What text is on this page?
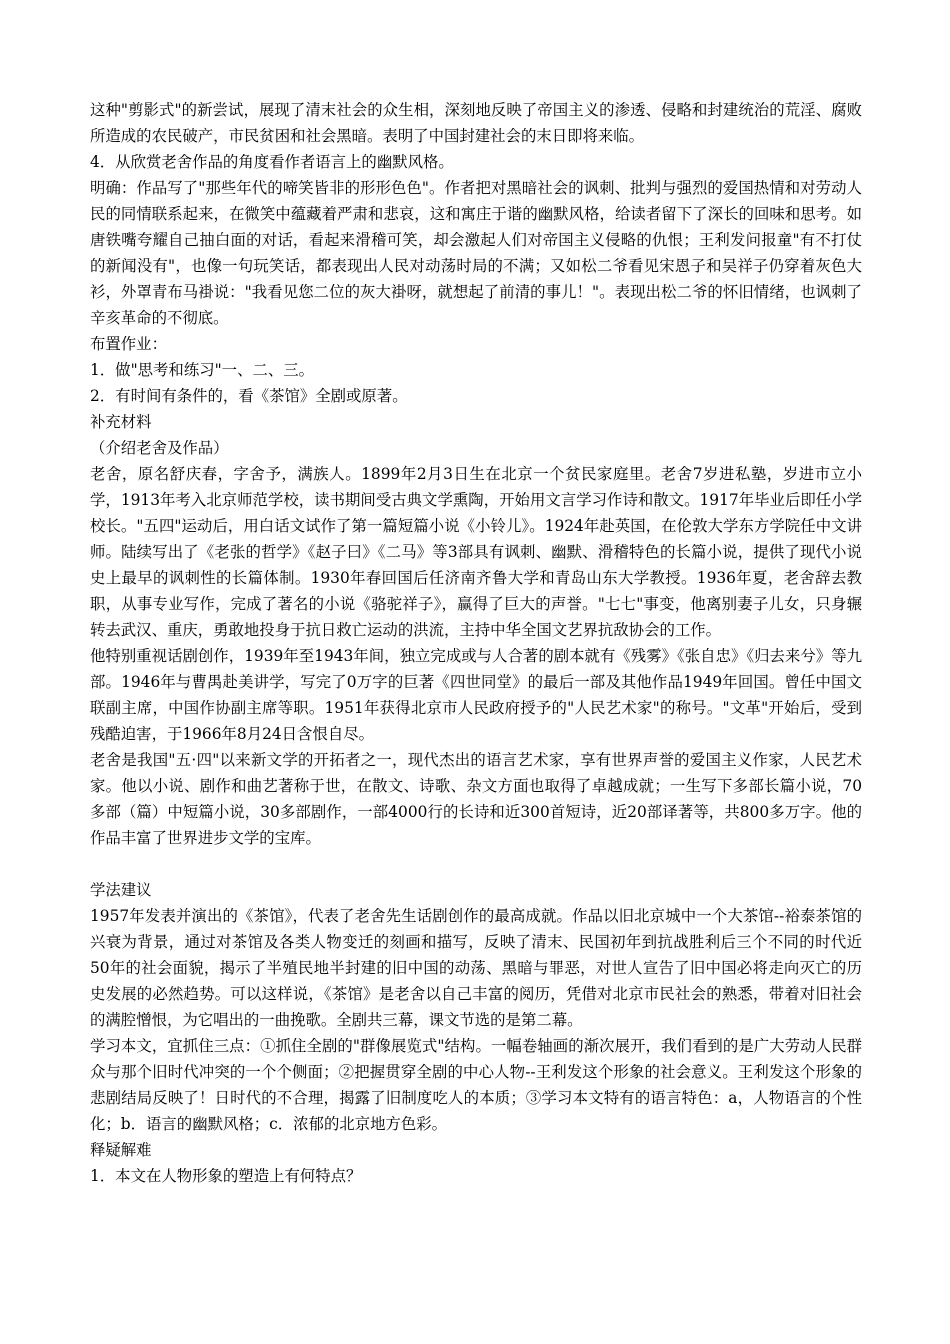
这种"剪影式"的新尝试，展现了清末社会的众生相，深刻地反映了帝国主义的渗透、侵略和封建统治的荒淫、腐败所造成的农民破产，市民贫困和社会黑暗。表明了中国封建社会的末日即将来临。

4．从欣赏老舍作品的角度看作者语言上的幽默风格。

明确：作品写了"那些年代的啼笑皆非的形形色色"。作者把对黑暗社会的讽刺、批判与强烈的爱国热情和对劳动人民的同情联系起来，在微笑中蕴藏着严肃和悲哀，这和寓庄于谐的幽默风格，给读者留下了深长的回味和思考。如唐铁嘴夸耀自己抽白面的对话，看起来滑稽可笑，却会激起人们对帝国主义侵略的仇恨；王利发问报童"有不打仗的新闻没有"，也像一句玩笑话，都表现出人民对动荡时局的不满；又如松二爷看见宋恩子和吴祥子仍穿着灰色大衫，外罩青布马褂说："我看见您二位的灰大褂呀，就想起了前清的事儿！"。表现出松二爷的怀旧情绪，也讽刺了辛亥革命的不彻底。

布置作业：

1．做"思考和练习"一、二、三。

2．有时间有条件的，看《茶馆》全剧或原著。

补充材料

（介绍老舍及作品）

老舍，原名舒庆春，字舍予，满族人。1899年2月3日生在北京一个贫民家庭里。老舍7岁进私塾，岁进市立小学，1913年考入北京师范学校，读书期间受古典文学熏陶，开始用文言学习作诗和散文。1917年毕业后即任小学校长。"五四"运动后，用白话文试作了第一篇短篇小说《小铃儿》。1924年赴英国，在伦敦大学东方学院任中文讲师。陆续写出了《老张的哲学》《赵子曰》《二马》等3部具有讽刺、幽默、滑稽特色的长篇小说，提供了现代小说史上最早的讽刺性的长篇体制。1930年春回国后任济南齐鲁大学和青岛山东大学教授。1936年夏，老舍辞去教职，从事专业写作，完成了著名的小说《骆驼祥子》，赢得了巨大的声誉。"七七"事变，他离别妻子儿女，只身辗转去武汉、重庆，勇敢地投身于抗日救亡运动的洪流，主持中华全国文艺界抗敌协会的工作。

他特别重视话剧创作，1939年至1943年间，独立完成或与人合著的剧本就有《残雾》《张自忠》《归去来兮》等九部。1946年与曹禺赴美讲学，写完了0万字的巨著《四世同堂》的最后一部及其他作品1949年回国。曾任中国文联副主席，中国作协副主席等职。1951年获得北京市人民政府授予的"人民艺术家"的称号。"文革"开始后，受到残酷迫害，于1966年8月24日含恨自尽。

老舍是我国"五·四"以来新文学的开拓者之一，现代杰出的语言艺术家，享有世界声誉的爱国主义作家，人民艺术家。他以小说、剧作和曲艺著称于世，在散文、诗歌、杂文方面也取得了卓越成就；一生写下多部长篇小说，70多部（篇）中短篇小说，30多部剧作，一部4000行的长诗和近300首短诗，近20部译著等，共800多万字。他的作品丰富了世界进步文学的宝库。

学法建议

1957年发表并演出的《茶馆》，代表了老舍先生话剧创作的最高成就。作品以旧北京城中一个大茶馆--裕泰茶馆的兴衰为背景，通过对茶馆及各类人物变迁的刻画和描写，反映了清末、民国初年到抗战胜利后三个不同的时代近50年的社会面貌，揭示了半殖民地半封建的旧中国的动荡、黑暗与罪恶，对世人宣告了旧中国必将走向灭亡的历史发展的必然趋势。可以这样说，《茶馆》是老舍以自己丰富的阅历，凭借对北京市民社会的熟悉，带着对旧社会的满腔憎恨，为它唱出的一曲挽歌。全剧共三幕，课文节选的是第二幕。

学习本文，宜抓住三点：①抓住全剧的"群像展览式"结构。一幅卷轴画的渐次展开，我们看到的是广大劳动人民群众与那个旧时代冲突的一个个侧面；②把握贯穿全剧的中心人物--王利发这个形象的社会意义。王利发这个形象的悲剧结局反映了！日时代的不合理，揭露了旧制度吃人的本质；③学习本文特有的语言特色：a，人物语言的个性化；b．语言的幽默风格；c．浓郁的北京地方色彩。

释疑解难

1．本文在人物形象的塑造上有何特点？
